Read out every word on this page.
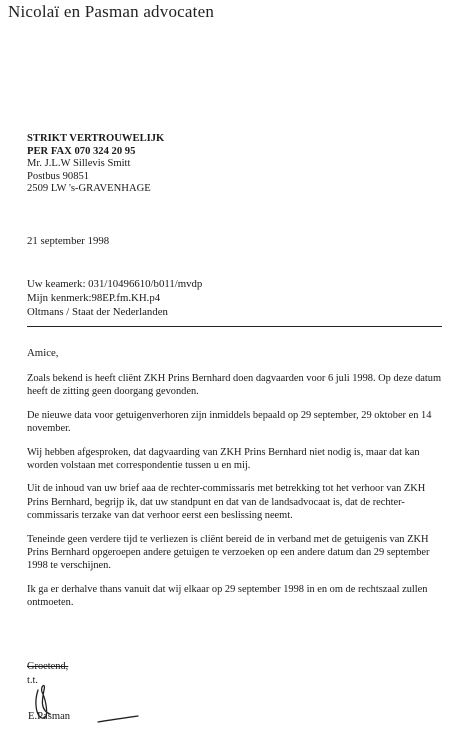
Nicolaï en Pasman advocaten
STRIKT VERTROUWELIJK
PER FAX 070 324 20 95
Mr. J.L.W Sillevis Smitt
Postbus 90851
2509 LW 's-GRAVENHAGE
21 september 1998
Uw keamerk: 031/10496610/b011/mvdp
Mijn kenmerk:98EP.fm.KH.p4
Oltmans / Staat der Nederlanden
Amice,

Zoals bekend is heeft cliënt ZKH Prins Bernhard doen dagvaarden voor 6 juli 1998. Op deze datum heeft de zitting geen doorgang gevonden.

De nieuwe data voor getuigenverhoren zijn inmiddels bepaald op 29 september, 29 oktober en 14 november.

Wij hebben afgesproken, dat dagvaarding van ZKH Prins Bernhard niet nodig is, maar dat kan worden volstaan met correspondentie tussen u en mij.

Uit de inhoud van uw brief aaa de rechter-commissaris met betrekking tot het verhoor van ZKH Prins Bernhard, begrijp ik, dat uw standpunt en dat van de landsadvocaat is, dat de rechter-commissaris terzake van dat verhoor eerst een beslissing neemt.

Teneinde geen verdere tijd te verliezen is cliënt bereid de in verband met de getuigenis van ZKH Prins Bernhard opgeroepen andere getuigen te verzoeken op een andere datum dan 29 september 1998 te verschijnen.

Ik ga er derhalve thans vanuit dat wij elkaar op 29 september 1998 in en om de rechtszaal zullen ontmoeten.

Groetend,
t.t.
E.Pasman
